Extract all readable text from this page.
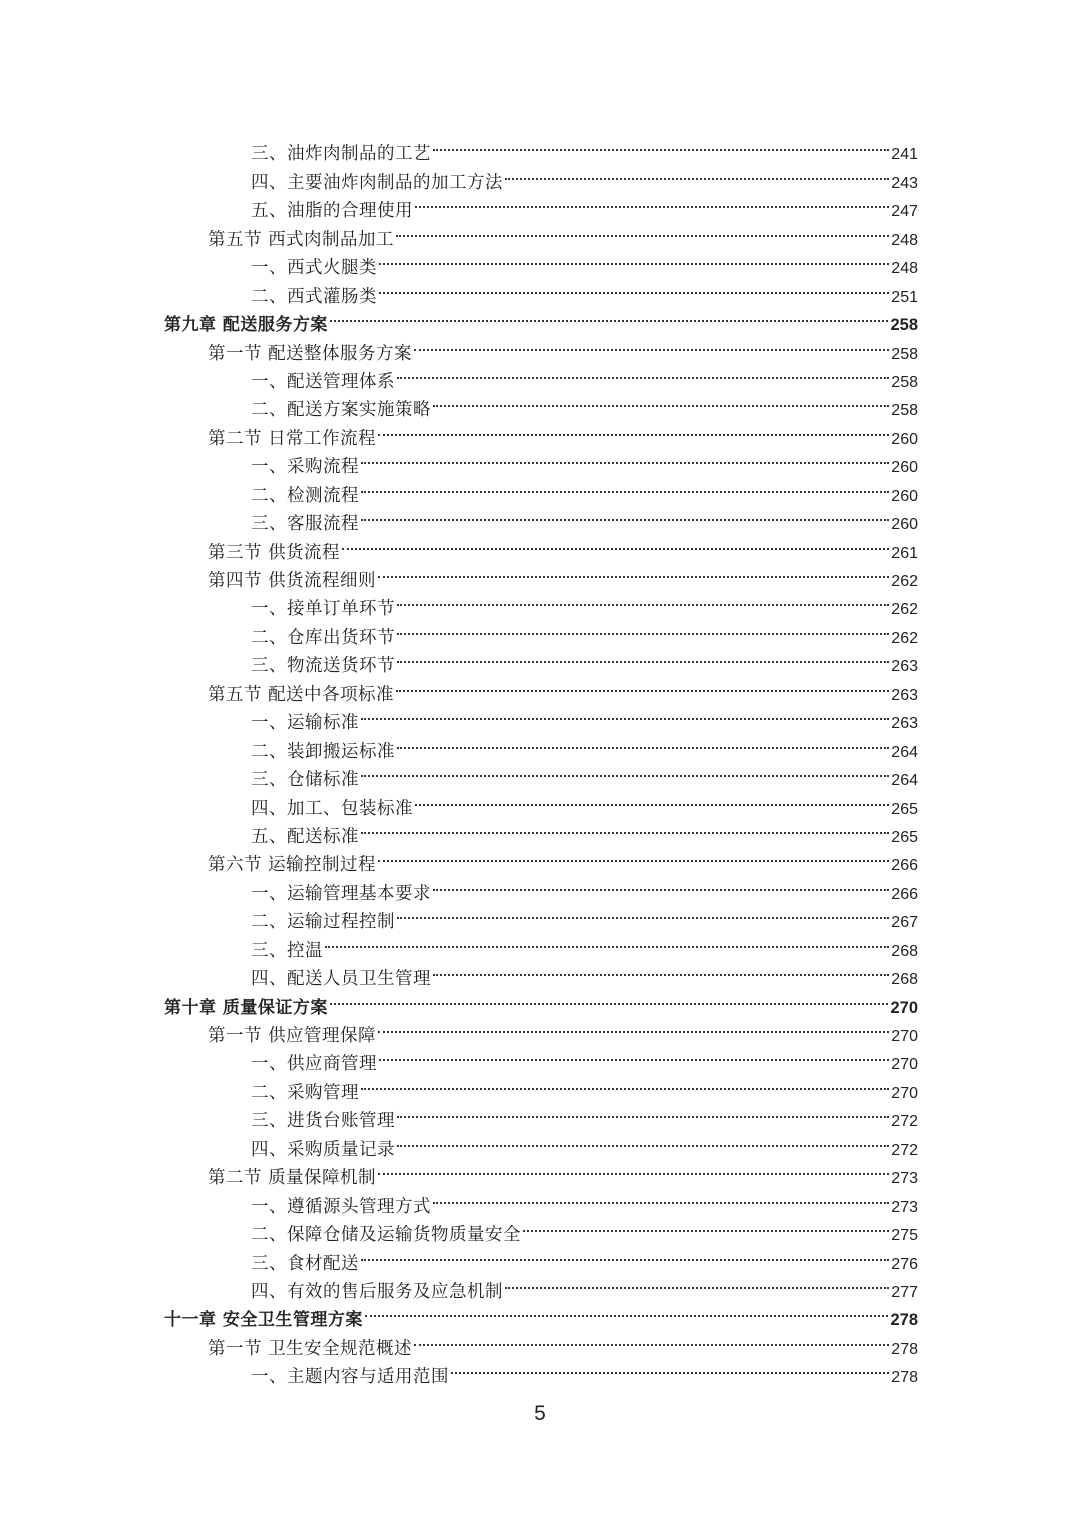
三、油炸肉制品的工艺	241
四、主要油炸肉制品的加工方法	243
五、油脂的合理使用	247
第五节 西式肉制品加工	248
一、西式火腿类	248
二、西式灌肠类	251
第九章 配送服务方案	258
第一节 配送整体服务方案	258
一、配送管理体系	258
二、配送方案实施策略	258
第二节 日常工作流程	260
一、采购流程	260
二、检测流程	260
三、客服流程	260
第三节 供货流程	261
第四节 供货流程细则	262
一、接单订单环节	262
二、仓库出货环节	262
三、物流送货环节	263
第五节 配送中各项标准	263
一、运输标准	263
二、装卸搬运标准	264
三、仓储标准	264
四、加工、包装标准	265
五、配送标准	265
第六节 运输控制过程	266
一、运输管理基本要求	266
二、运输过程控制	267
三、控温	268
四、配送人员卫生管理	268
第十章 质量保证方案	270
第一节 供应管理保障	270
一、供应商管理	270
二、采购管理	270
三、进货台账管理	272
四、采购质量记录	272
第二节 质量保障机制	273
一、遵循源头管理方式	273
二、保障仓储及运输货物质量安全	275
三、食材配送	276
四、有效的售后服务及应急机制	277
十一章 安全卫生管理方案	278
第一节 卫生安全规范概述	278
一、主题内容与适用范围	278
5
